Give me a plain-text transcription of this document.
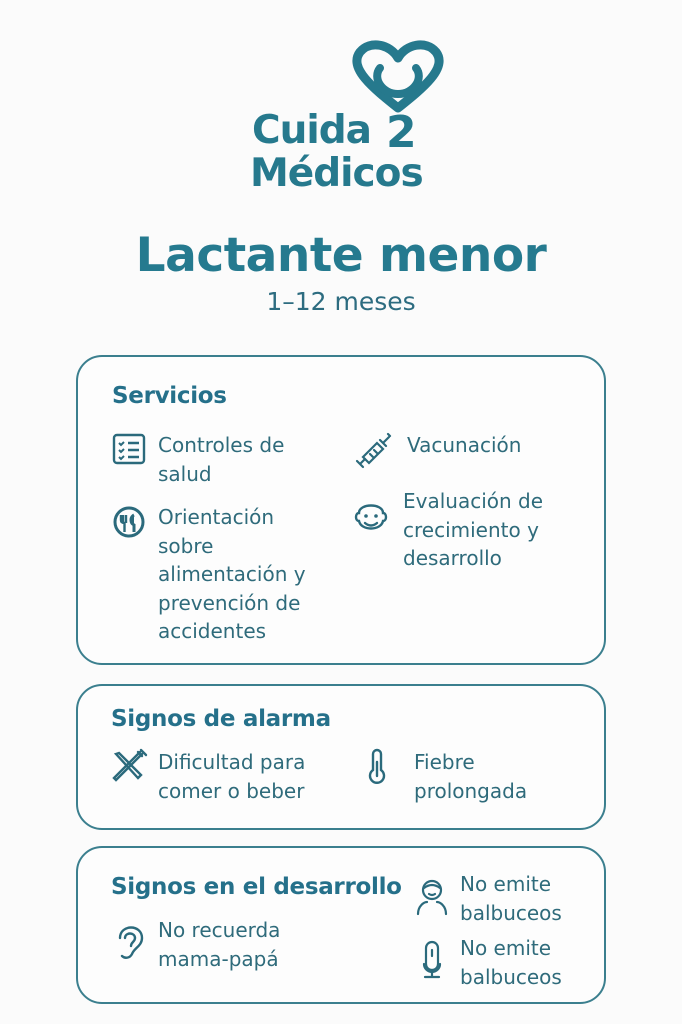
Cuida 2
Médicos
Lactante menor
1–12 meses
Servicios
Controles de salud
Vacunación
Orientación sobre alimentación y prevención de accidentes
Evaluación de crecimiento y desarrollo
Signos de alarma
Dificultad para comer o beber
Fiebre prolongada
Signos en el desarrollo
No recuerda mama-papá
No emite balbuceos
No emite balbuceos
